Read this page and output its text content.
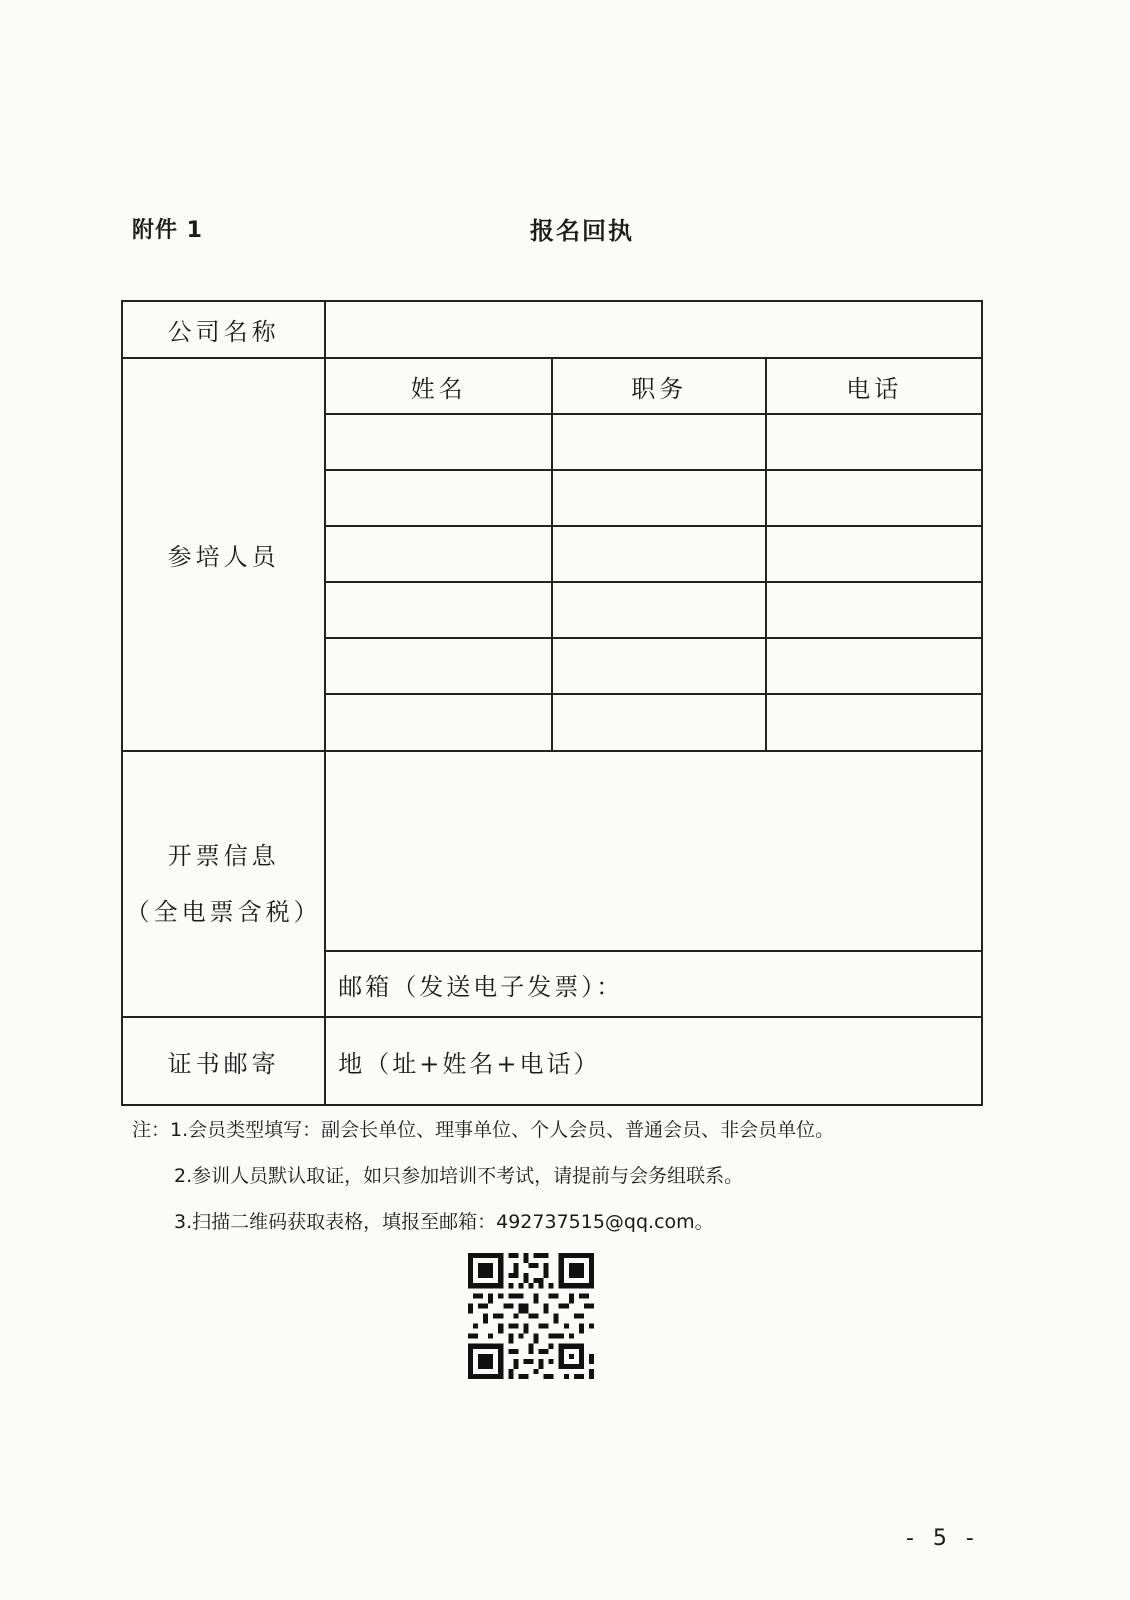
附件 1	报名回执
公司名称			
参培人员	姓名	职务	电话

开票信息
（全电票含税）			

	邮箱（发送电子发票）：		
证书邮寄	地（址+姓名+电话）		
注：1.会员类型填写：副会长单位、理事单位、个人会员、普通会员、非会员单位。
2.参训人员默认取证，如只参加培训不考试，请提前与会务组联系。
3.扫描二维码获取表格，填报至邮箱：492737515@qq.com。
- 5 -
